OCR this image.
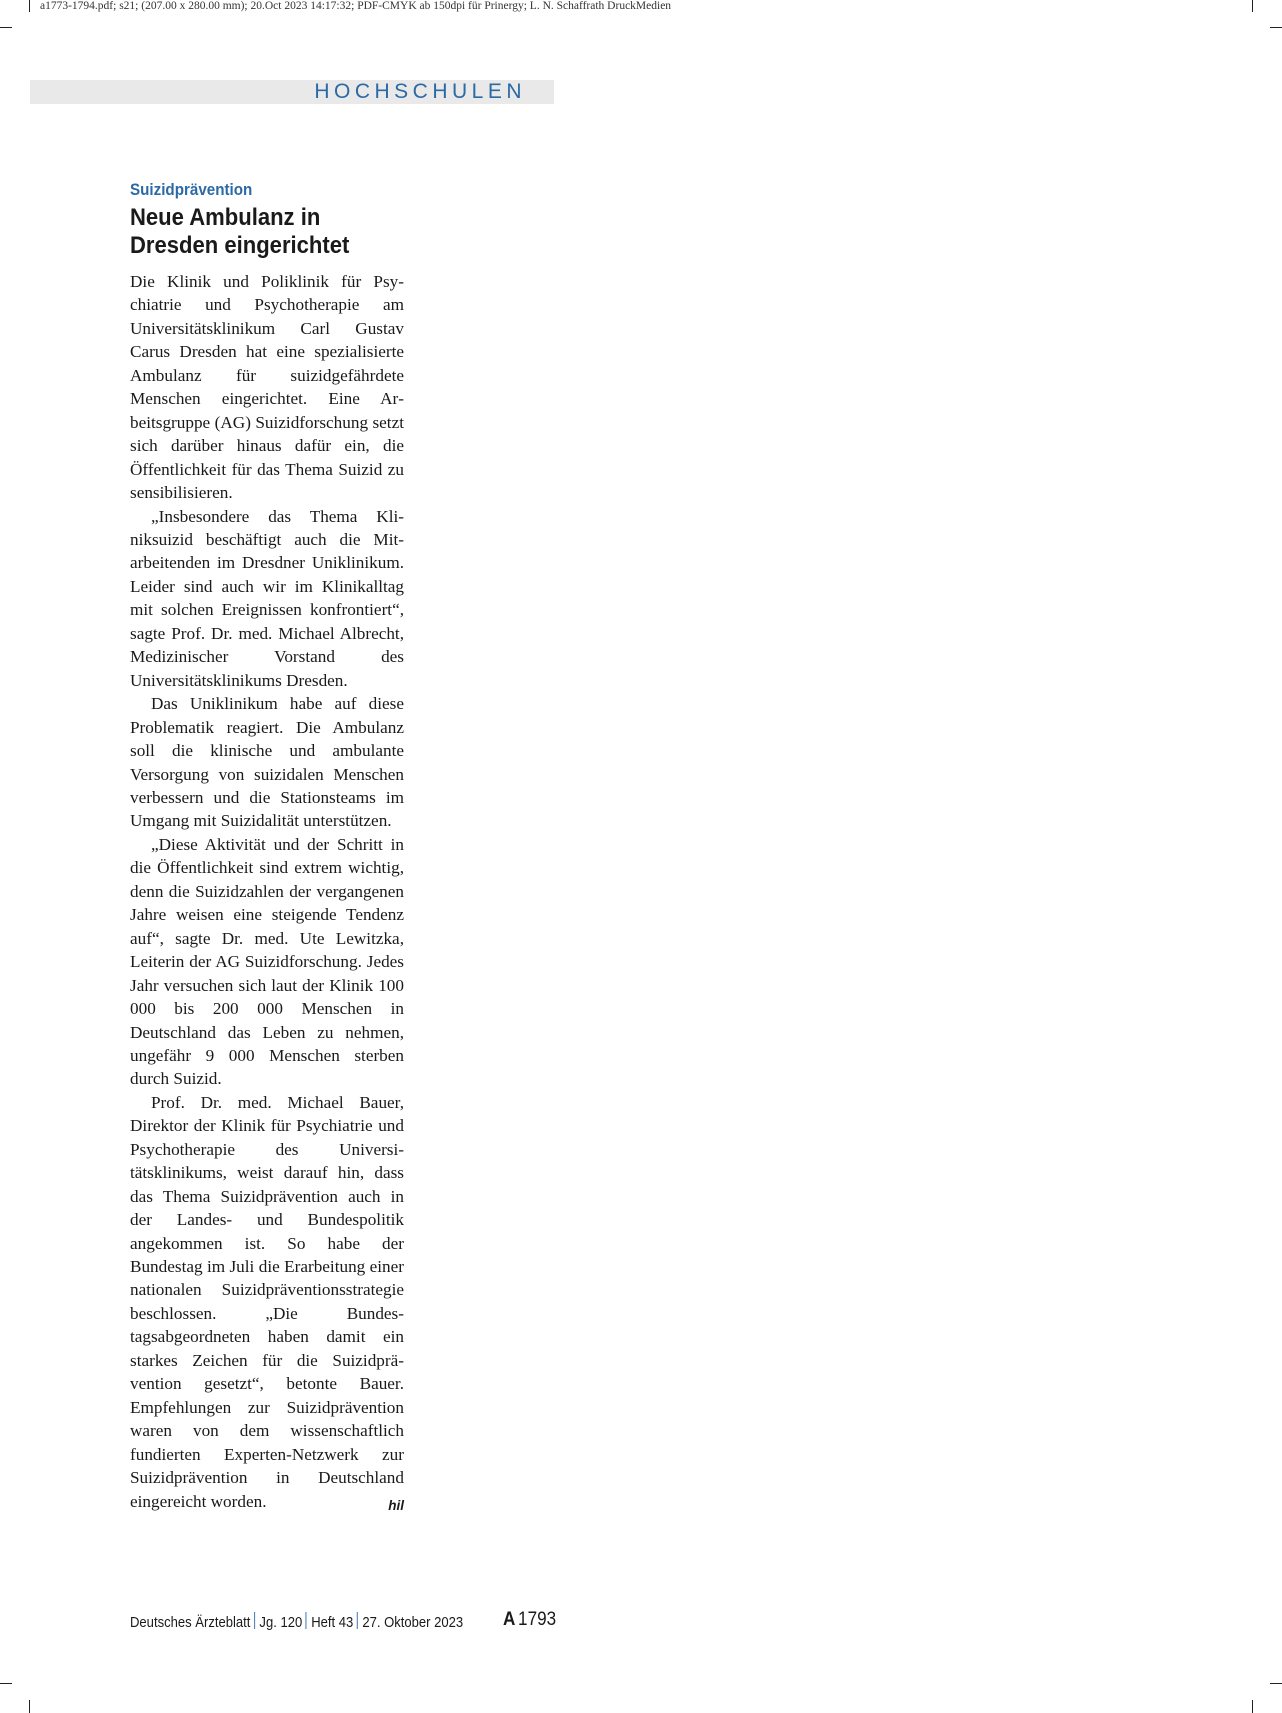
a1773-1794.pdf; s21; (207.00 x 280.00 mm); 20.Oct 2023 14:17:32; PDF-CMYK ab 150dpi für Prinergy; L. N. Schaffrath DruckMedien
HOCHSCHULEN
Suizidprävention
Neue Ambulanz in
Dresden eingerichtet

Die Klinik und Poliklinik für Psychiatrie und Psychotherapie am Universitätsklinikum Carl Gustav Carus Dresden hat eine spezialisierte Ambulanz für suizidgefährdete Menschen eingerichtet. Eine Arbeitsgruppe (AG) Suizidforschung setzt sich darüber hinaus dafür ein, die Öffentlichkeit für das Thema Suizid zu sensibilisieren.

„Insbesondere das Thema Kliniksuizid beschäftigt auch die Mitarbeitenden im Dresdner Uniklinikum. Leider sind auch wir im Klinikalltag mit solchen Ereignissen konfrontiert“, sagte Prof. Dr. med. Michael Albrecht, Medizinischer Vorstand des Universitätsklinikums Dresden.

Das Uniklinikum habe auf diese Problematik reagiert. Die Ambulanz soll die klinische und ambulante Versorgung von suizidalen Menschen verbessern und die Stationsteams im Umgang mit Suizidalität unterstützen.

„Diese Aktivität und der Schritt in die Öffentlichkeit sind extrem wichtig, denn die Suizidzahlen der vergangenen Jahre weisen eine steigende Tendenz auf“, sagte Dr. med. Ute Lewitzka, Leiterin der AG Suizidforschung. Jedes Jahr versuchen sich laut der Klinik 100 000 bis 200 000 Menschen in Deutschland das Leben zu nehmen, ungefähr 9 000 Menschen sterben durch Suizid.

Prof. Dr. med. Michael Bauer, Direktor der Klinik für Psychiatrie und Psychotherapie des Universitätsklinikums, weist darauf hin, dass das Thema Suizidprävention auch in der Landes- und Bundespolitik angekommen ist. So habe der Bundestag im Juli die Erarbeitung einer nationalen Suizidpräventionsstrategie beschlossen. „Die Bundestagsabgeordneten haben damit ein starkes Zeichen für die Suizidprävention gesetzt“, betonte Bauer. Empfehlungen zur Suizidprävention waren von dem wissenschaftlich fundierten Experten-Netzwerk zur Suizidprävention in Deutschland eingereicht worden.	hil

Deutsches Ärzteblatt Jg. 120 Heft 43 27. Oktober 2023	A 1793
